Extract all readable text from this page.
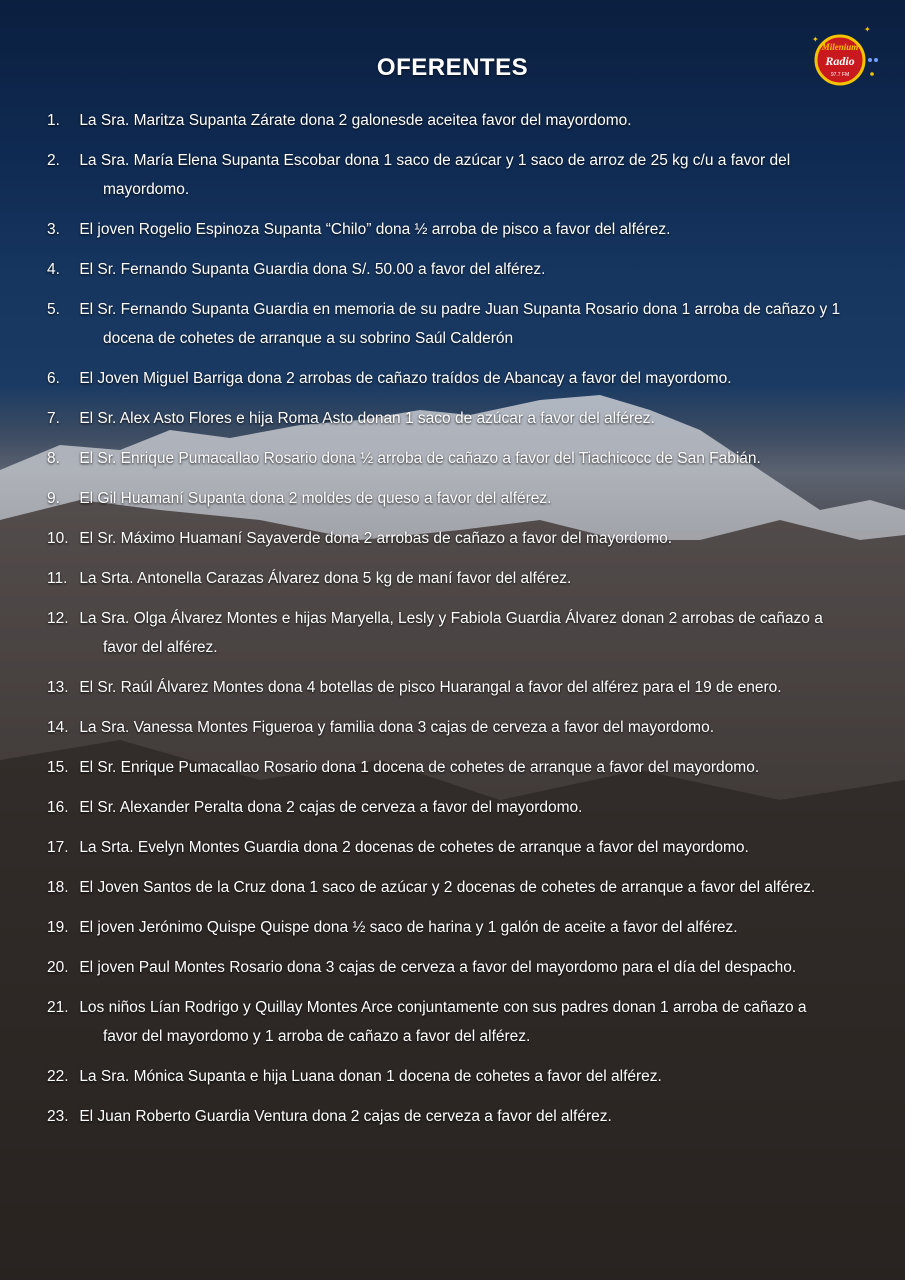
Milenium
Radio
97.7 FM
✦
✦
OFERENTES
1. La Sra. Maritza Supanta Zárate dona 2 galonesde aceitea favor del mayordomo.
2. La Sra. María Elena Supanta Escobar dona 1 saco de azúcar y 1 saco de arroz de 25 kg c/u a favor del mayordomo.
3. El joven Rogelio Espinoza Supanta “Chilo” dona ½ arroba de pisco a favor del alférez.
4. El Sr. Fernando Supanta Guardia dona S/. 50.00 a favor del alférez.
5. El Sr. Fernando Supanta Guardia en memoria de su padre Juan Supanta Rosario dona 1 arroba de cañazo y 1 docena de cohetes de arranque a su sobrino Saúl Calderón
6. El Joven Miguel Barriga dona 2 arrobas de cañazo traídos de Abancay a favor del mayordomo.
7. El Sr. Alex Asto Flores e hija Roma Asto donan 1 saco de azúcar a favor del alférez.
El Sr. Enrique Pumacallao Rosario dona ½ arroba de cañazo a favor del Tiachicocc de San Fabián.
El Gil Huamaní Supanta dona 2 moldes de queso a favor del alférez.
El Sr. Máximo Huamaní Sayaverde dona 2 arrobas de cañazo a favor del mayordomo.
La Srta. Antonella Carazas Álvarez dona 5 kg de maní favor del alférez.
La Sra. Olga Álvarez Montes e hijas Maryella, Lesly y Fabiola Guardia Álvarez donan 2 arrobas de cañazo a favor del alférez.
El Sr. Raúl Álvarez Montes dona 4 botellas de pisco Huarangal a favor del alférez para el 19 de enero.
La Sra. Vanessa Montes Figueroa y familia dona 3 cajas de cerveza a favor del mayordomo.
El Sr. Enrique Pumacallao Rosario dona 1 docena de cohetes de arranque a favor del mayordomo.
El Sr. Alexander Peralta dona 2 cajas de cerveza a favor del mayordomo.
La Srta. Evelyn Montes Guardia dona 2 docenas de cohetes de arranque a favor del mayordomo.
El Joven Santos de la Cruz dona 1 saco de azúcar y 2 docenas de cohetes de arranque a favor del alférez.
El joven Jerónimo Quispe Quispe dona ½ saco de harina y 1 galón de aceite a favor del alférez.
El joven Paul Montes Rosario dona 3 cajas de cerveza a favor del mayordomo para el día del despacho.
Los niños Lían Rodrigo y Quillay Montes Arce conjuntamente con sus padres donan 1 arroba de cañazo a favor del mayordomo y 1 arroba de cañazo a favor del alférez.
La Sra. Mónica Supanta e hija Luana donan 1 docena de cohetes a favor del alférez.
El Juan Roberto Guardia Ventura dona 2 cajas de cerveza a favor del alférez.
